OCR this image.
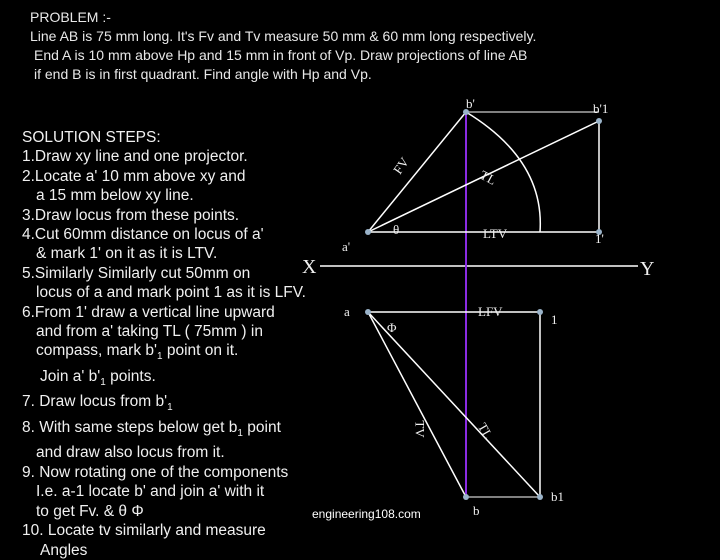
PROBLEM :-
Line AB is 75 mm long. It's Fv and Tv measure 50 mm & 60 mm long respectively.
End A is 10 mm above Hp and 15 mm in front of Vp. Draw projections of line AB
if end B is in first quadrant. Find angle with Hp and Vp.
SOLUTION STEPS:
1.Draw xy line and one projector.
2.Locate a' 10 mm above xy and
a 15 mm below xy line.
3.Draw locus from these points.
4.Cut 60mm distance on locus of a'
& mark 1' on it as it is LTV.
5.Similarly Similarly cut 50mm on
locus of a and mark point 1 as it is LFV.
6.From 1' draw a vertical line upward
and from a' taking TL ( 75mm ) in
compass, mark $b'_1$ point on it.
Join a' $b'_1$ points.
7. Draw locus from $b'_1$
8. With same steps below get $b_1$ point
and draw also locus from it.
9. Now rotating one of the components
I.e. a-1 locate b' and join a' with it
to get Fv. & θ Φ
10. Locate tv similarly and measure
Angles
X	Y
a'
a
b'	b'1
1'
1
b
b1
FV
TL
LTV
LFV
TV	TL
θ
Φ
engineering108.com
